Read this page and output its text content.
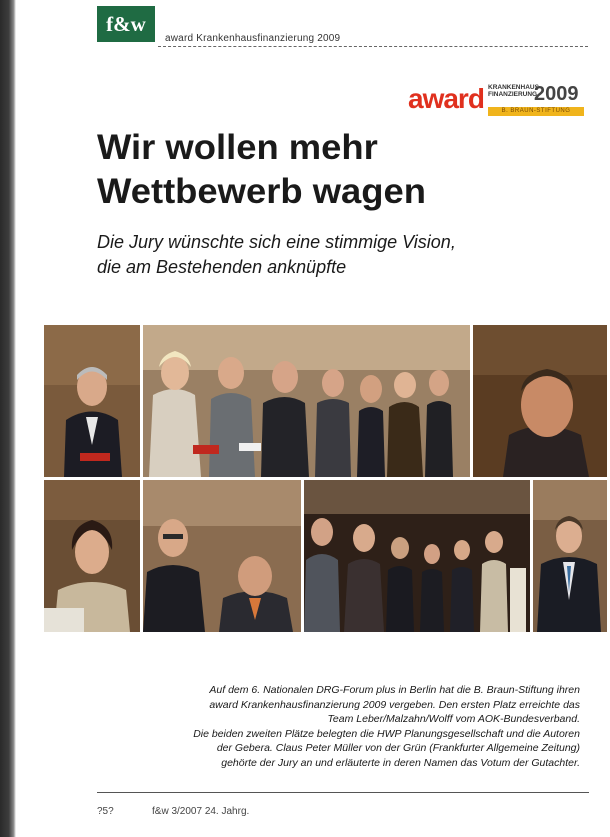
f&w
award Krankenhausfinanzierung 2009
award KRANKENHAUS
FINANZIERUNG
2009
B. BRAUN-STIFTUNG
Wir wollen mehr
Wettbewerb wagen

Die Jury wünschte sich eine stimmige Vision,
die am Bestehenden anknüpfte

Auf dem 6. Nationalen DRG-Forum plus in Berlin hat die B. Braun-Stiftung ihren
award Krankenhausfinanzierung 2009 vergeben. Den ersten Platz erreichte das
Team Leber/Malzahn/Wolff vom AOK-Bundesverband.
Die beiden zweiten Plätze belegten die HWP Planungsgesellschaft und die Autoren
der Gebera. Claus Peter Müller von der Grün (Frankfurter Allgemeine Zeitung)
gehörte der Jury an und erläuterte in deren Namen das Votum der Gutachter.

?5?	f&w 3/2007 24. Jahrg.
